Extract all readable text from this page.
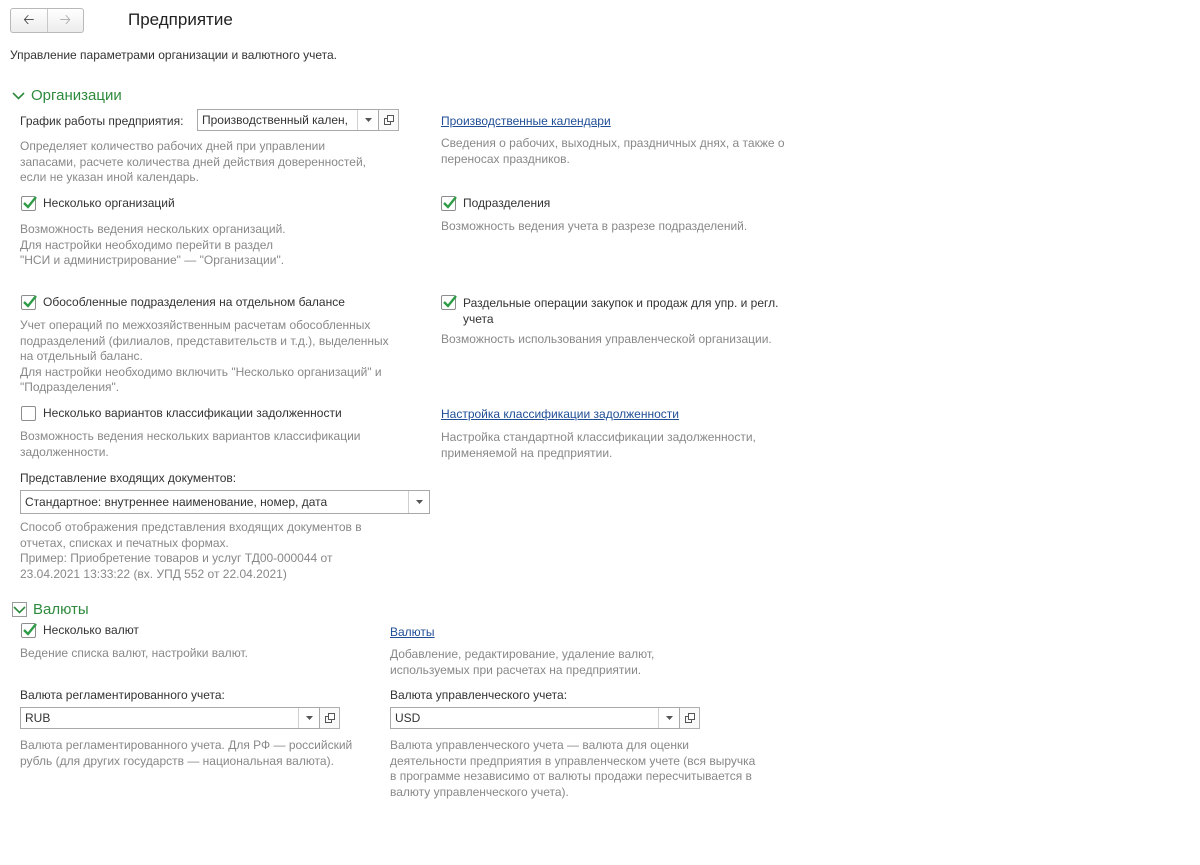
🡠 🡢	Предприятие
Управление параметрами организации и валютного учета.
Организации
График работы предприятия:	Производственный кален,
Определяет количество рабочих дней при управлении
запасами, расчете количества дней действия доверенностей,
если не указан иной календарь.
Производственные календари
Сведения о рабочих, выходных, праздничных днях, а также о
переносах праздников.
Несколько организаций
Возможность ведения нескольких организаций.
Для настройки необходимо перейти в раздел
"НСИ и администрирование" — "Организации".
Подразделения
Возможность ведения учета в разрезе подразделений.
Обособленные подразделения на отдельном балансе
Учет операций по межхозяйственным расчетам обособленных
подразделений (филиалов, представительств и т.д.), выделенных
на отдельный баланс.
Для настройки необходимо включить "Несколько организаций" и
"Подразделения".
Раздельные операции закупок и продаж для упр. и регл.
учета
Возможность использования управленческой организации.
Несколько вариантов классификации задолженности
Возможность ведения нескольких вариантов классификации
задолженности.
Настройка классификации задолженности
Настройка стандартной классификации задолженности,
применяемой на предприятии.
Представление входящих документов:
Стандартное: внутреннее наименование, номер, дата
Способ отображения представления входящих документов в
отчетах, списках и печатных формах.
Пример: Приобретение товаров и услуг ТД00-000044 от
23.04.2021 13:33:22 (вх. УПД 552 от 22.04.2021)
Валюты
Несколько валют
Ведение списка валют, настройки валют.
Валюты
Добавление, редактирование, удаление валют,
используемых при расчетах на предприятии.
Валюта регламентированного учета:
RUB
Валюта регламентированного учета. Для РФ — российский
рубль (для других государств — национальная валюта).
Валюта управленческого учета:
USD
Валюта управленческого учета — валюта для оценки
деятельности предприятия в управленческом учете (вся выручка
в программе независимо от валюты продажи пересчитывается в
валюту управленческого учета).
